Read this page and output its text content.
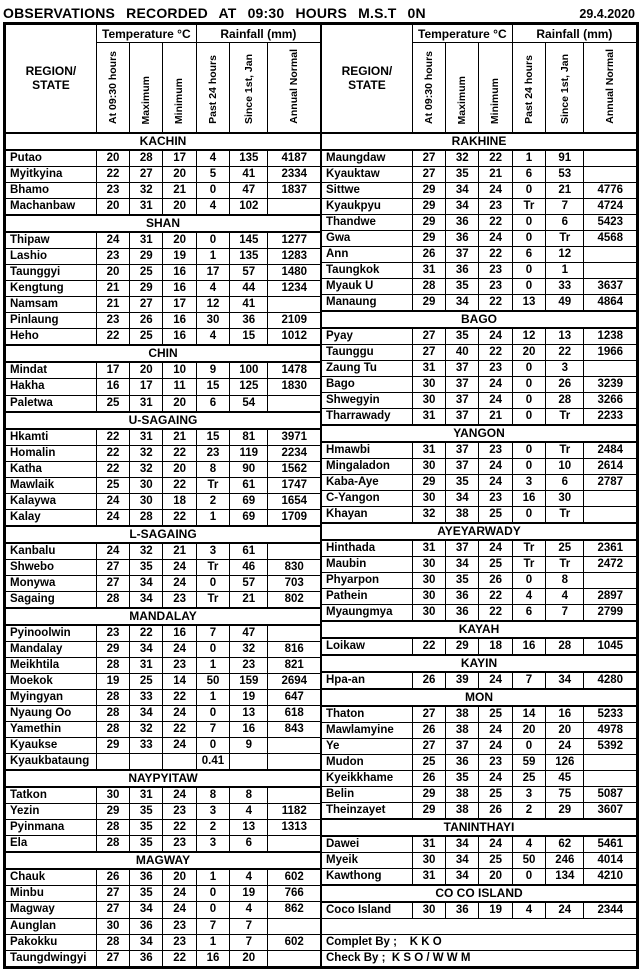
OBSERVATIONS RECORDED AT 09:30 HOURS M.S.T 0N	29.4.2020
REGION/
STATE	Temperature °C			Rainfall (mm)		
	At 09:30 hours	Maximum	Minimum	Past 24 hours	Since 1st, Jan	Annual Normal
KACHIN						
Putao	20	28	17	4	135	4187
Myitkyina	22	27	20	5	41	2334
Bhamo	23	32	21	0	47	1837
Machanbaw	20	31	20	4	102	
SHAN						
Thipaw	24	31	20	0	145	1277
Lashio	23	29	19	1	135	1283
Taunggyi	20	25	16	17	57	1480
Kengtung	21	29	16	4	44	1234
Namsam	21	27	17	12	41	
Pinlaung	23	26	16	30	36	2109
Heho	22	25	16	4	15	1012
CHIN						
Mindat	17	20	10	9	100	1478
Hakha	16	17	11	15	125	1830
Paletwa	25	31	20	6	54	
U-SAGAING						
Hkamti	22	31	21	15	81	3971
Homalin	22	32	22	23	119	2234
Katha	22	32	20	8	90	1562
Mawlaik	25	30	22	Tr	61	1747
Kalaywa	24	30	18	2	69	1654
Kalay	24	28	22	1	69	1709
L-SAGAING						
Kanbalu	24	32	21	3	61	
Shwebo	27	35	24	Tr	46	830
Monywa	27	34	24	0	57	703
Sagaing	28	34	23	Tr	21	802
MANDALAY						
Pyinoolwin	23	22	16	7	47	
Mandalay	29	34	24	0	32	816
Meikhtila	28	31	23	1	23	821
Moekok	19	25	14	50	159	2694
Myingyan	28	33	22	1	19	647
Nyaung Oo	28	34	24	0	13	618
Yamethin	28	32	22	7	16	843
Kyaukse	29	33	24	0	9	
Kyaukbataung				0.41		
NAYPYITAW						
Tatkon	30	31	24	8	8	
Yezin	29	35	23	3	4	1182
Pyinmana	28	35	22	2	13	1313
Ela	28	35	23	3	6	
MAGWAY						
Chauk	26	36	20	1	4	602
Minbu	27	35	24	0	19	766
Magway	27	34	24	0	4	862
Aunglan	30	36	23	7	7	
Pakokku	28	34	23	1	7	602
Taungdwingyi	27	36	22	16	20	
REGION/
STATE	Temperature °C			Rainfall (mm)		
	At 09:30 hours	Maximum	Minimum	Past 24 hours	Since 1st, Jan	Annual Normal
RAKHINE						
Maungdaw	27	32	22	1	91	
Kyauktaw	27	35	21	6	53	
Sittwe	29	34	24	0	21	4776
Kyaukpyu	29	34	23	Tr	7	4724
Thandwe	29	36	22	0	6	5423
Gwa	29	36	24	0	Tr	4568
Ann	26	37	22	6	12	
Taungkok	31	36	23	0	1	
Myauk U	28	35	23	0	33	3637
Manaung	29	34	22	13	49	4864
BAGO						
Pyay	27	35	24	12	13	1238
Taunggu	27	40	22	20	22	1966
Zaung Tu	31	37	23	0	3	
Bago	30	37	24	0	26	3239
Shwegyin	30	37	24	0	28	3266
Tharrawady	31	37	21	0	Tr	2233
YANGON						
Hmawbi	31	37	23	0	Tr	2484
Mingaladon	30	37	24	0	10	2614
Kaba-Aye	29	35	24	3	6	2787
C-Yangon	30	34	23	16	30	
Khayan	32	38	25	0	Tr	
AYEYARWADY						
Hinthada	31	37	24	Tr	25	2361
Maubin	30	34	25	Tr	Tr	2472
Phyarpon	30	35	26	0	8	
Pathein	30	36	22	4	4	2897
Myaungmya	30	36	22	6	7	2799
KAYAH						
Loikaw	22	29	18	16	28	1045
KAYIN						
Hpa-an	26	39	24	7	34	4280
MON						
Thaton	27	38	25	14	16	5233
Mawlamyine	26	38	24	20	20	4978
Ye	27	37	24	0	24	5392
Mudon	25	36	23	59	126	
Kyeikkhame	26	35	24	25	45	
Belin	29	38	25	3	75	5087
Theinzayet	29	38	26	2	29	3607
TANINTHAYI						
Dawei	31	34	24	4	62	5461
Myeik	30	34	25	50	246	4014
Kawthong	31	34	20	0	134	4210
CO CO ISLAND						
Coco Island	30	36	19	4	24	2344

Complet By ;    K K O						
Check By ;  K S O / W W M						
